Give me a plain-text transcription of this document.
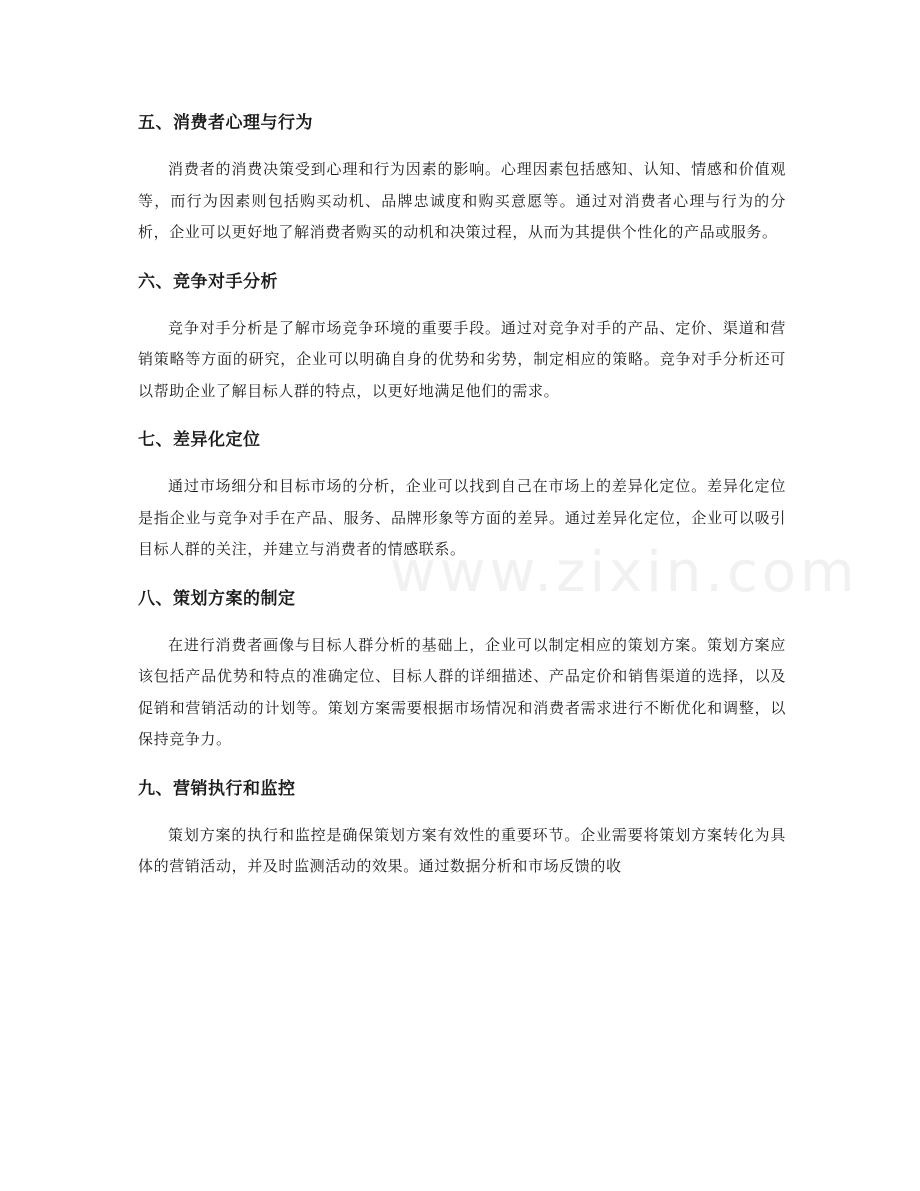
www.zixin.com
五、消费者心理与行为

消费者的消费决策受到心理和行为因素的影响。心理因素包括感知、认知、情感和价值观等，而行为因素则包括购买动机、品牌忠诚度和购买意愿等。通过对消费者心理与行为的分析，企业可以更好地了解消费者购买的动机和决策过程，从而为其提供个性化的产品或服务。

六、竞争对手分析

竞争对手分析是了解市场竞争环境的重要手段。通过对竞争对手的产品、定价、渠道和营销策略等方面的研究，企业可以明确自身的优势和劣势，制定相应的策略。竞争对手分析还可以帮助企业了解目标人群的特点，以更好地满足他们的需求。

七、差异化定位

通过市场细分和目标市场的分析，企业可以找到自己在市场上的差异化定位。差异化定位是指企业与竞争对手在产品、服务、品牌形象等方面的差异。通过差异化定位，企业可以吸引目标人群的关注，并建立与消费者的情感联系。

八、策划方案的制定

在进行消费者画像与目标人群分析的基础上，企业可以制定相应的策划方案。策划方案应该包括产品优势和特点的准确定位、目标人群的详细描述、产品定价和销售渠道的选择，以及促销和营销活动的计划等。策划方案需要根据市场情况和消费者需求进行不断优化和调整，以保持竞争力。

九、营销执行和监控

策划方案的执行和监控是确保策划方案有效性的重要环节。企业需要将策划方案转化为具体的营销活动，并及时监测活动的效果。通过数据分析和市场反馈的收
